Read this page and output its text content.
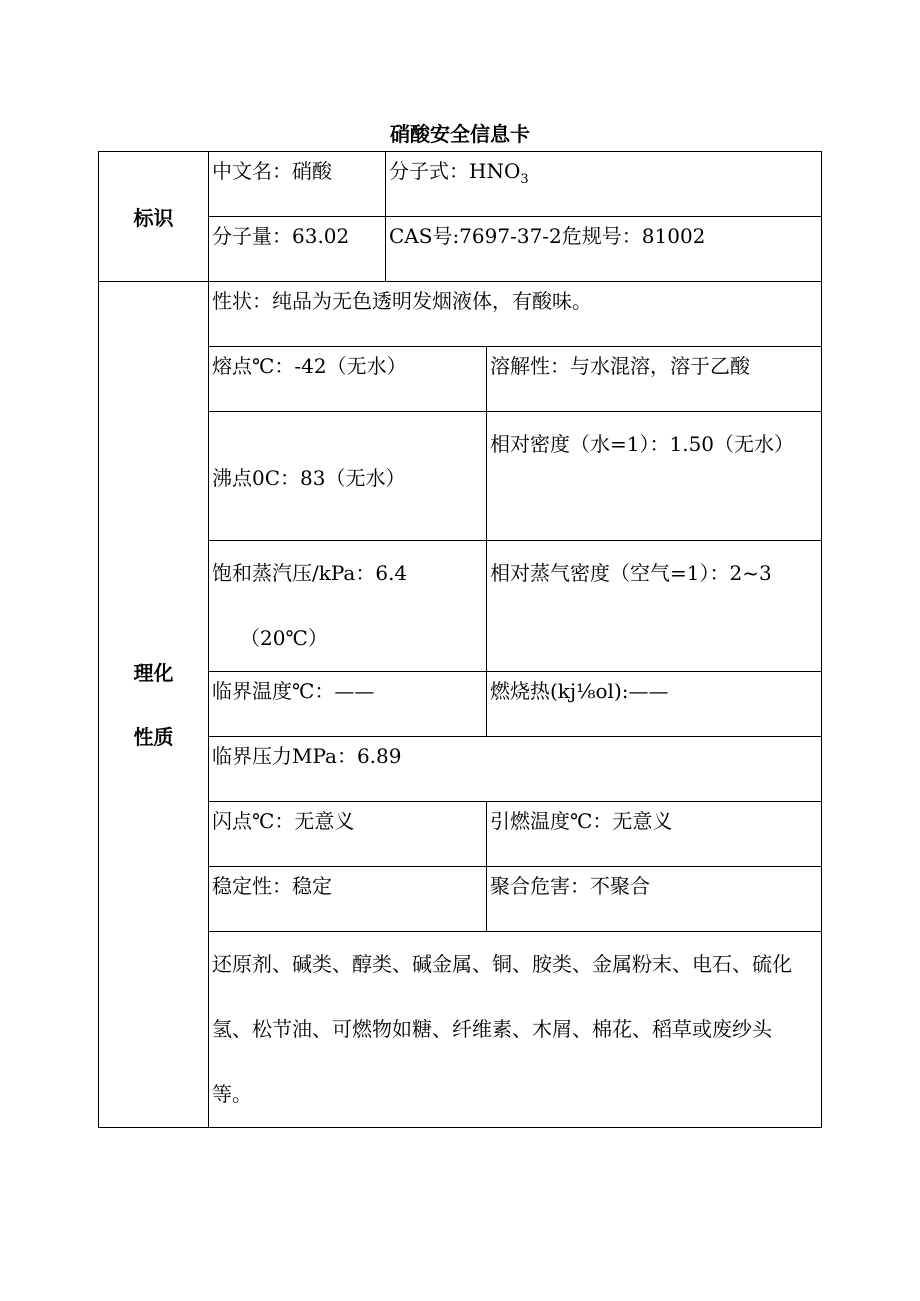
硝酸安全信息卡
标识	中文名：硝酸	分子式：$HNO_3$

	分子量：63.02	CAS号:7697-37-2危规号：81002	

理化
性质	性状：纯品为无色透明发烟液体，有酸味。		

	熔点℃：-42（无水）		溶解性：与水混溶，溶于乙酸

	沸点0C：83（无水）		相对密度（水=1）：1.50（无水）

	饱和蒸汽压/kPa：6.4
（20℃）		相对蒸气密度（空气=1）：2~3

	临界温度℃：——		燃烧热(kj⅛ol):——

	临界压力MPa：6.89		

	闪点℃：无意义		引燃温度℃：无意义

	稳定性：稳定		聚合危害：不聚合

	还原剂、碱类、醇类、碱金属、铜、胺类、金属粉末、电石、硫化氢、松节油、可燃物如糖、纤维素、木屑、棉花、稻草或废纱头等。		
